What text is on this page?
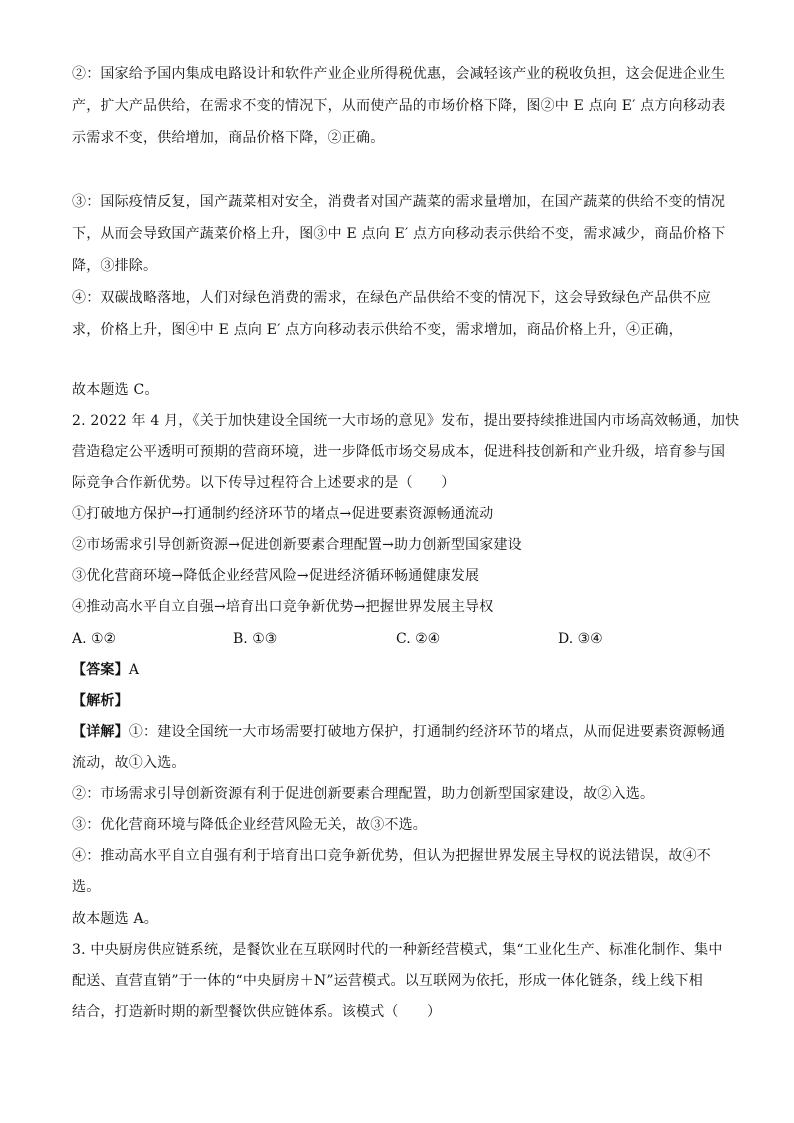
②：国家给予国内集成电路设计和软件产业企业所得税优惠，会减轻该产业的税收负担，这会促进企业生
产，扩大产品供给，在需求不变的情况下，从而使产品的市场价格下降，图②中 E 点向 E′ 点方向移动表
示需求不变，供给增加，商品价格下降，②正确。
③：国际疫情反复，国产蔬菜相对安全，消费者对国产蔬菜的需求量增加，在国产蔬菜的供给不变的情况
下，从而会导致国产蔬菜价格上升，图③中 E 点向 E′ 点方向移动表示供给不变，需求减少，商品价格下
降，③排除。
④：双碳战略落地，人们对绿色消费的需求，在绿色产品供给不变的情况下，这会导致绿色产品供不应
求，价格上升，图④中 E 点向 E′ 点方向移动表示供给不变，需求增加，商品价格上升，④正确，
故本题选 C。
2. 2022 年 4 月，《关于加快建设全国统一大市场的意见》发布，提出要持续推进国内市场高效畅通，加快
营造稳定公平透明可预期的营商环境，进一步降低市场交易成本，促进科技创新和产业升级，培育参与国
际竞争合作新优势。以下传导过程符合上述要求的是（　　）
①打破地方保护→打通制约经济环节的堵点→促进要素资源畅通流动
②市场需求引导创新资源→促进创新要素合理配置→助力创新型国家建设
③优化营商环境→降低企业经营风险→促进经济循环畅通健康发展
④推动高水平自立自强→培育出口竞争新优势→把握世界发展主导权
A. ①②	B. ①③	C. ②④	D. ③④
【答案】A
【解析】
【详解】①：建设全国统一大市场需要打破地方保护，打通制约经济环节的堵点，从而促进要素资源畅通
流动，故①入选。
②：市场需求引导创新资源有利于促进创新要素合理配置，助力创新型国家建设，故②入选。
③：优化营商环境与降低企业经营风险无关，故③不选。
④：推动高水平自立自强有利于培育出口竞争新优势，但认为把握世界发展主导权的说法错误，故④不
选。
故本题选 A。
3. 中央厨房供应链系统，是餐饮业在互联网时代的一种新经营模式，集“工业化生产、标准化制作、集中
配送、直营直销”于一体的“中央厨房＋N”运营模式。以互联网为依托，形成一体化链条，线上线下相
结合，打造新时期的新型餐饮供应链体系。该模式（　　）
